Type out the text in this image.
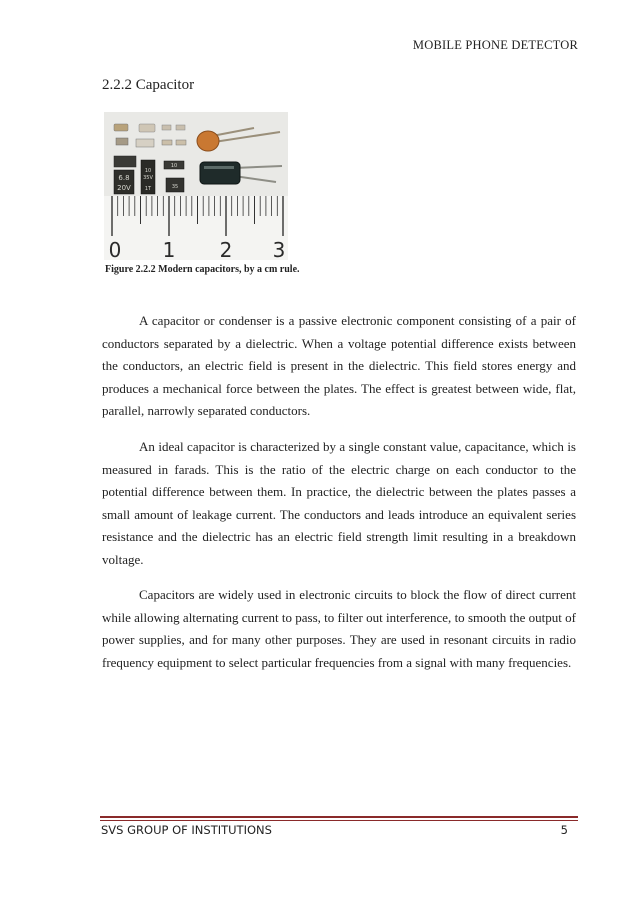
MOBILE PHONE DETECTOR
2.2.2 Capacitor
6.8
20V
10
35V
1T
10
35
0 1 2 3
Figure 2.2.2 Modern capacitors, by a cm rule.

A capacitor or condenser is a passive electronic component consisting of a pair of conductors separated by a dielectric. When a voltage potential difference exists between the conductors, an electric field is present in the dielectric. This field stores energy and produces a mechanical force between the plates. The effect is greatest between wide, flat, parallel, narrowly separated conductors.

An ideal capacitor is characterized by a single constant value, capacitance, which is measured in farads. This is the ratio of the electric charge on each conductor to the potential difference between them. In practice, the dielectric between the plates passes a small amount of leakage current. The conductors and leads introduce an equivalent series resistance and the dielectric has an electric field strength limit resulting in a breakdown voltage.

Capacitors are widely used in electronic circuits to block the flow of direct current while allowing alternating current to pass, to filter out interference, to smooth the output of power supplies, and for many other purposes. They are used in resonant circuits in radio frequency equipment to select particular frequencies from a signal with many frequencies.

SVS GROUP OF INSTITUTIONS	5
